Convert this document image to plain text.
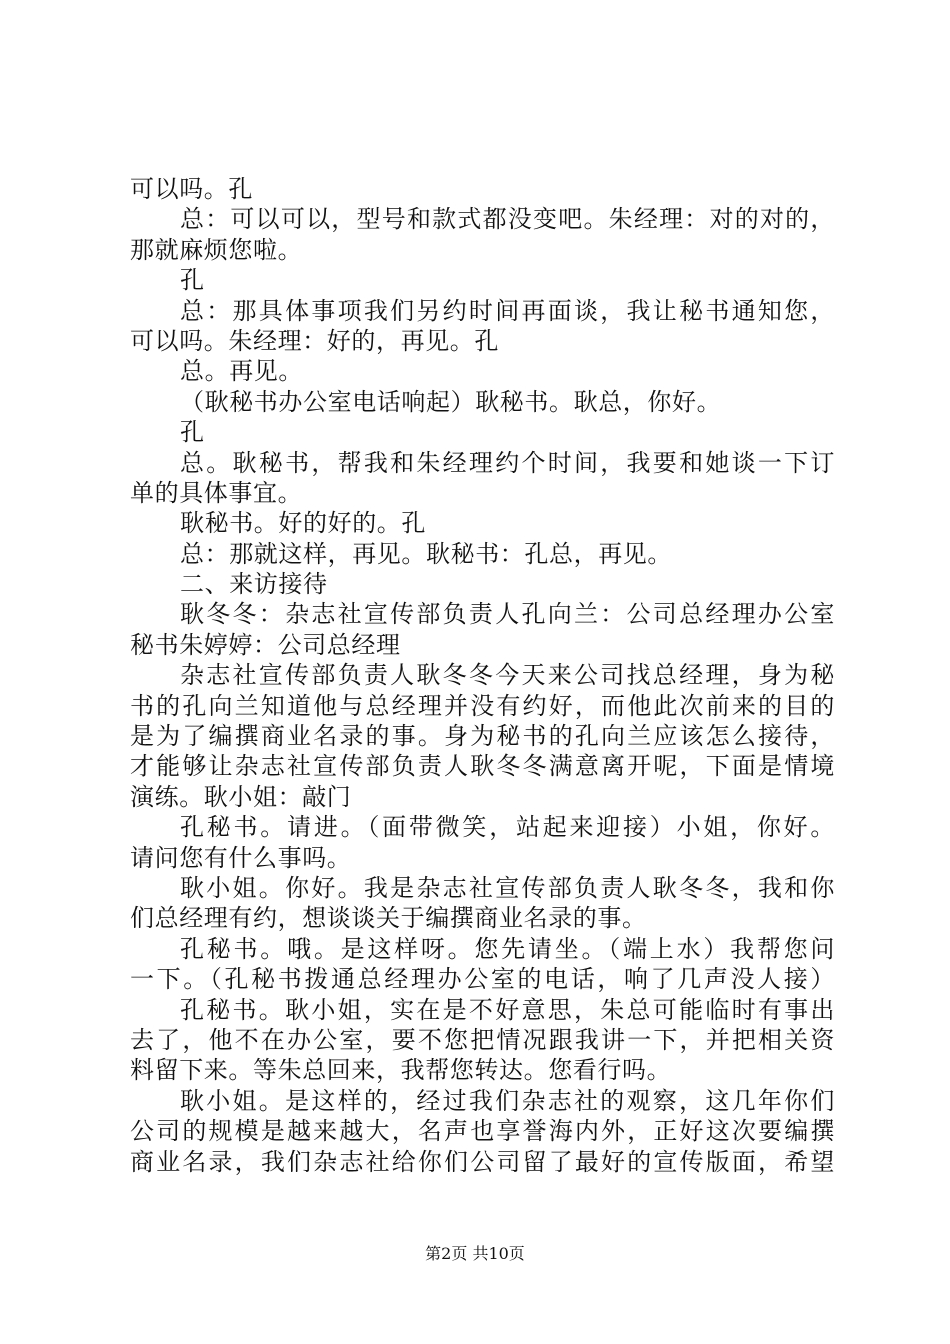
可以吗。孔
总：可以可以，型号和款式都没变吧。朱经理：对的对的，
那就麻烦您啦。
孔
总：那具体事项我们另约时间再面谈，我让秘书通知您，
可以吗。朱经理：好的，再见。孔
总。再见。
（耿秘书办公室电话响起）耿秘书。耿总，你好。
孔
总。耿秘书，帮我和朱经理约个时间，我要和她谈一下订
单的具体事宜。
耿秘书。好的好的。孔
总：那就这样，再见。耿秘书：孔总，再见。
二、来访接待
耿冬冬：杂志社宣传部负责人孔向兰：公司总经理办公室
秘书朱婷婷：公司总经理
杂志社宣传部负责人耿冬冬今天来公司找总经理，身为秘
书的孔向兰知道他与总经理并没有约好，而他此次前来的目的
是为了编撰商业名录的事。身为秘书的孔向兰应该怎么接待，
才能够让杂志社宣传部负责人耿冬冬满意离开呢，下面是情境
演练。耿小姐：敲门
孔秘书。请进。（面带微笑，站起来迎接）小姐，你好。
请问您有什么事吗。
耿小姐。你好。我是杂志社宣传部负责人耿冬冬，我和你
们总经理有约，想谈谈关于编撰商业名录的事。
孔秘书。哦。是这样呀。您先请坐。（端上水）我帮您问
一下。（孔秘书拨通总经理办公室的电话，响了几声没人接）
孔秘书。耿小姐，实在是不好意思，朱总可能临时有事出
去了，他不在办公室，要不您把情况跟我讲一下，并把相关资
料留下来。等朱总回来，我帮您转达。您看行吗。
耿小姐。是这样的，经过我们杂志社的观察，这几年你们
公司的规模是越来越大，名声也享誉海内外，正好这次要编撰
商业名录，我们杂志社给你们公司留了最好的宣传版面，希望
第2页 共10页
